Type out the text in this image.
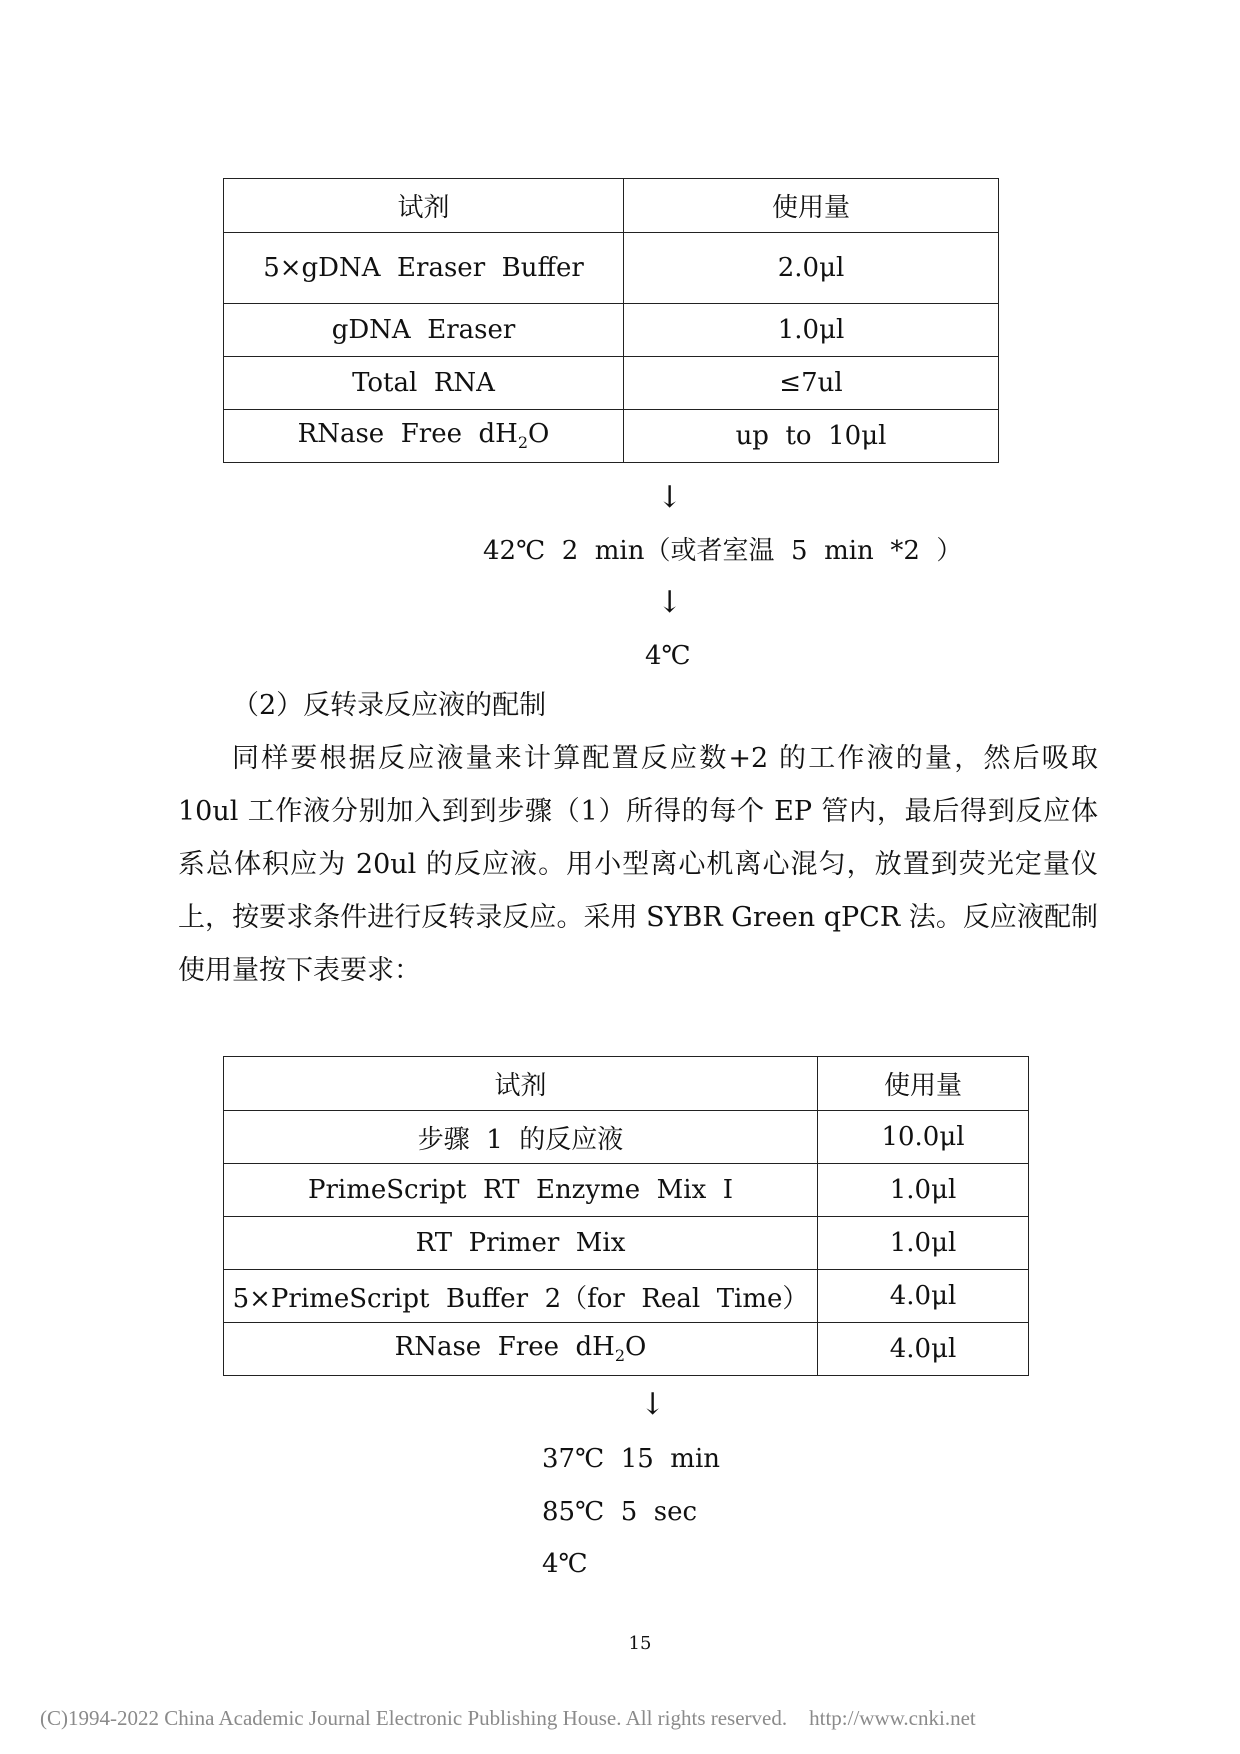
试剂	使用量
5×gDNA  Eraser  Buffer	2.0μl
gDNA  Eraser	1.0μl
Total  RNA	≤7ul
RNase  Free  $dH_2O$	up  to  10μl
↓
42℃  2  min（或者室温  5  min  *2  ）
↓
4℃
（2）反转录反应液的配制
同样要根据反应液量来计算配置反应数+2 的工作液的量，然后吸取 10ul 工作液分别加入到到步骤（1）所得的每个 EP 管内，最后得到反应体系总体积应为 20ul 的反应液。用小型离心机离心混匀，放置到荧光定量仪上，按要求条件进行反转录反应。采用 SYBR Green qPCR 法。反应液配制使用量按下表要求：
试剂	使用量
步骤  1  的反应液	10.0μl
PrimeScript  RT  Enzyme  Mix  I	1.0μl
RT  Primer  Mix	1.0μl
5×PrimeScript  Buffer  2（for  Real  Time）	4.0μl
RNase  Free  $dH_2O$	4.0μl
↓
37℃  15  min
85℃  5  sec
4℃
15
(C)1994-2022 China Academic Journal Electronic Publishing House. All rights reserved. http://www.cnki.net
